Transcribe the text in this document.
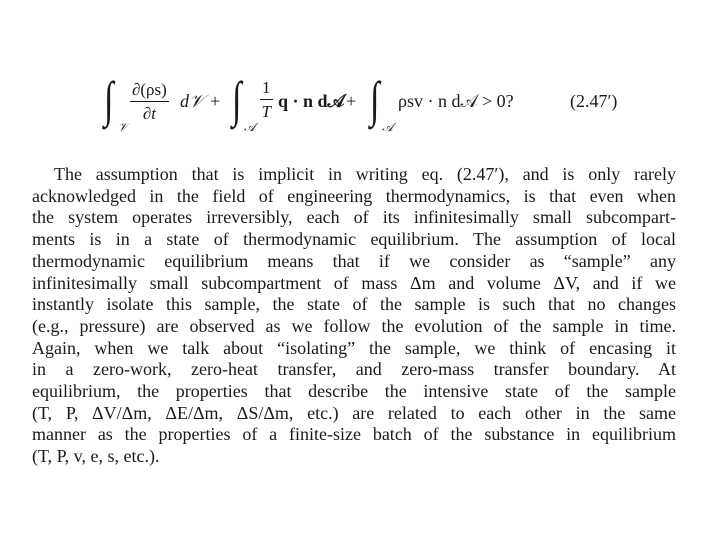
∫ 𝒱
$\frac{\partial(\rho s)}{\partial t}$ d𝒱 + ∫ 𝒜
$\frac{1}{T}$ q · n d𝒜 + ∫ 𝒜
ρsv · n d𝒜 > 0?	(2.47′)
The assumption that is implicit in writing eq. (2.47′), and is only rarely
acknowledged in the field of engineering thermodynamics, is that even when
the system operates irreversibly, each of its infinitesimally small subcompart-
ments is in a state of thermodynamic equilibrium. The assumption of local
thermodynamic equilibrium means that if we consider as “sample” any
infinitesimally small subcompartment of mass Δm and volume ΔV, and if we
instantly isolate this sample, the state of the sample is such that no changes
(e.g., pressure) are observed as we follow the evolution of the sample in time.
Again, when we talk about “isolating” the sample, we think of encasing it
in a zero-work, zero-heat transfer, and zero-mass transfer boundary. At
equilibrium, the properties that describe the intensive state of the sample
(T, P, ΔV/Δm, ΔE/Δm, ΔS/Δm, etc.) are related to each other in the same
manner as the properties of a finite-size batch of the substance in equilibrium
(T, P, v, e, s, etc.).
